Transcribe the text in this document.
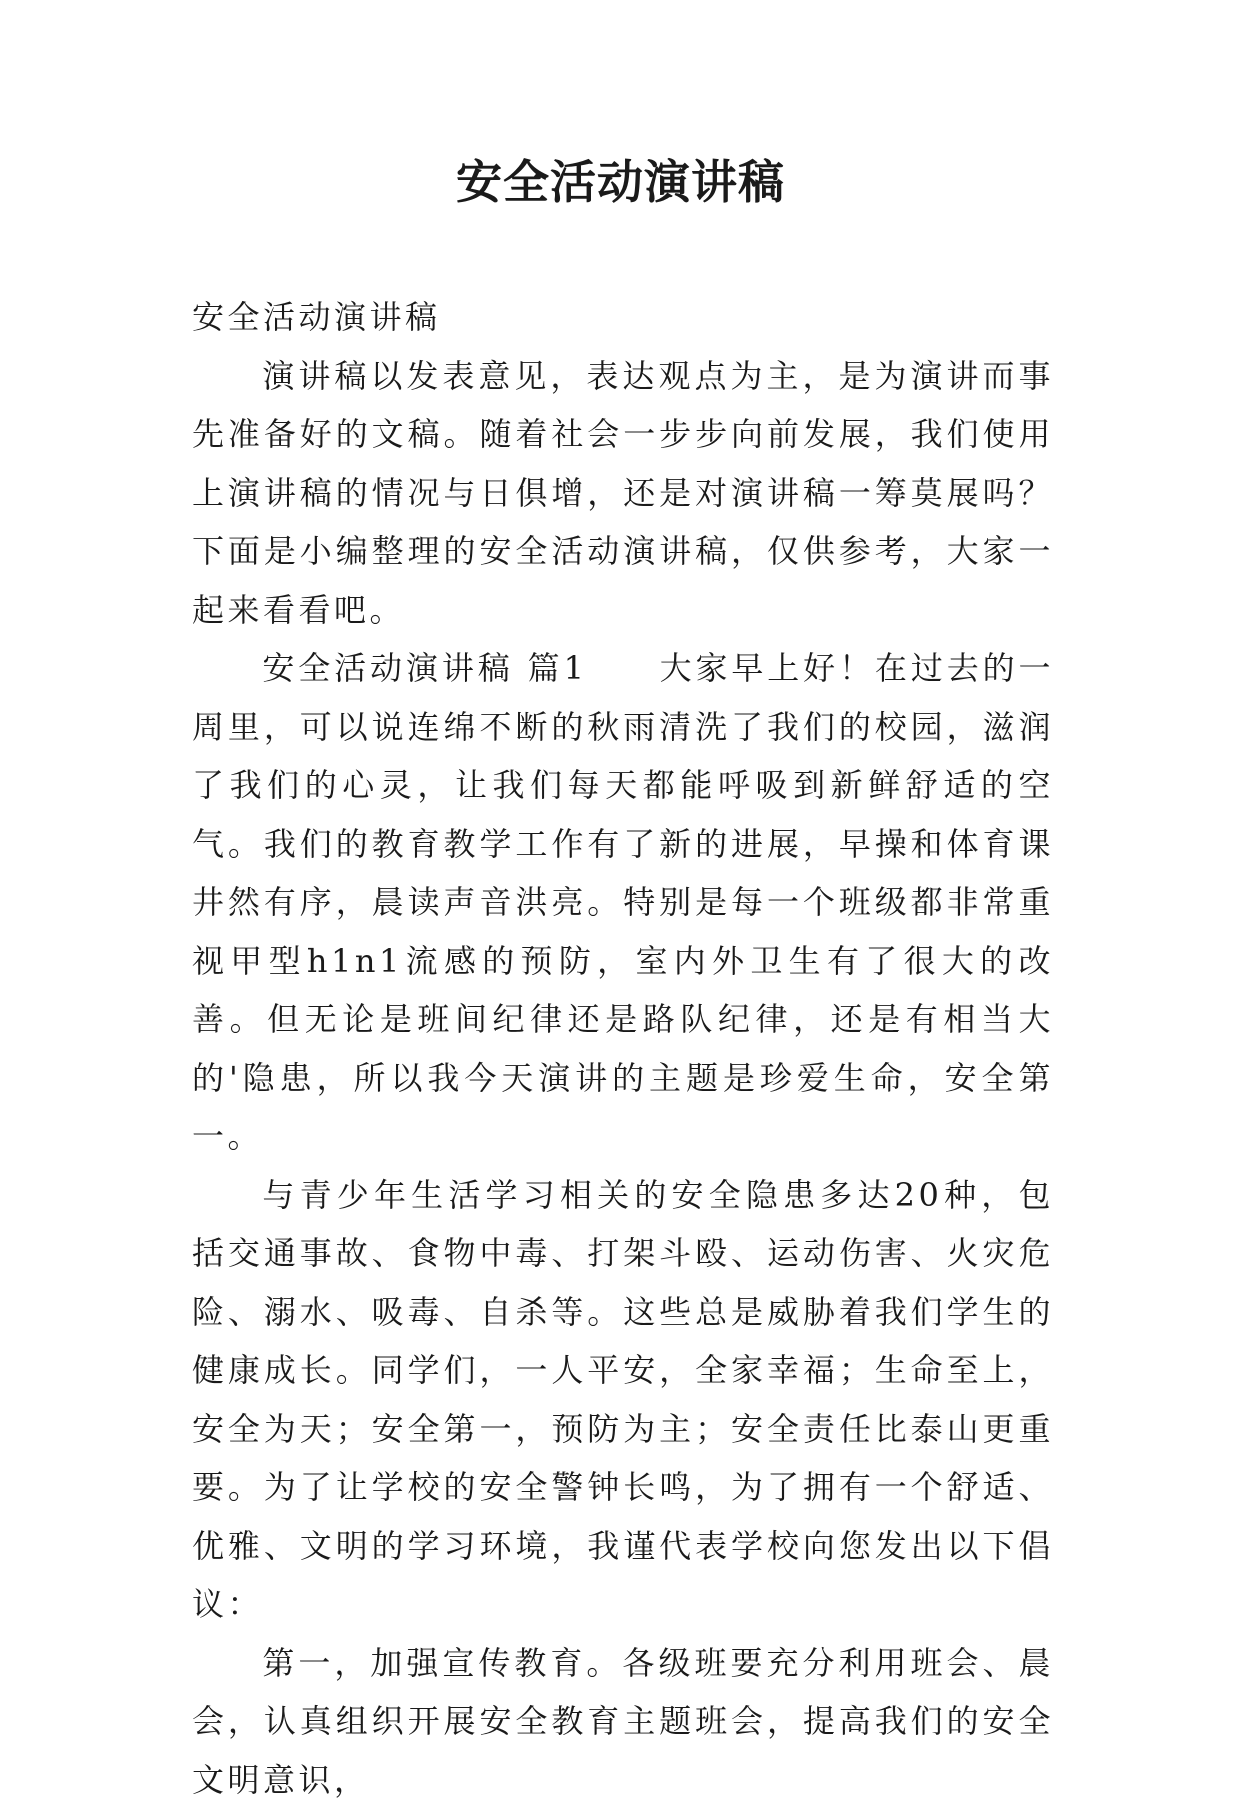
安全活动演讲稿

安全活动演讲稿

演讲稿以发表意见，表达观点为主，是为演讲而事先准备好的文稿。随着社会一步步向前发展，我们使用上演讲稿的情况与日俱增，还是对演讲稿一筹莫展吗？下面是小编整理的安全活动演讲稿，仅供参考，大家一起来看看吧。

安全活动演讲稿 篇1　　大家早上好！在过去的一周里，可以说连绵不断的秋雨清洗了我们的校园，滋润了我们的心灵，让我们每天都能呼吸到新鲜舒适的空气。我们的教育教学工作有了新的进展，早操和体育课井然有序，晨读声音洪亮。特别是每一个班级都非常重视甲型h1n1流感的预防，室内外卫生有了很大的改善。但无论是班间纪律还是路队纪律，还是有相当大的'隐患，所以我今天演讲的主题是珍爱生命，安全第一。

与青少年生活学习相关的安全隐患多达20种，包括交通事故、食物中毒、打架斗殴、运动伤害、火灾危险、溺水、吸毒、自杀等。这些总是威胁着我们学生的健康成长。同学们，一人平安，全家幸福；生命至上，安全为天；安全第一，预防为主；安全责任比泰山更重要。为了让学校的安全警钟长鸣，为了拥有一个舒适、优雅、文明的学习环境，我谨代表学校向您发出以下倡议：

第一，加强宣传教育。各级班要充分利用班会、晨会，认真组织开展安全教育主题班会，提高我们的安全文明意识，
